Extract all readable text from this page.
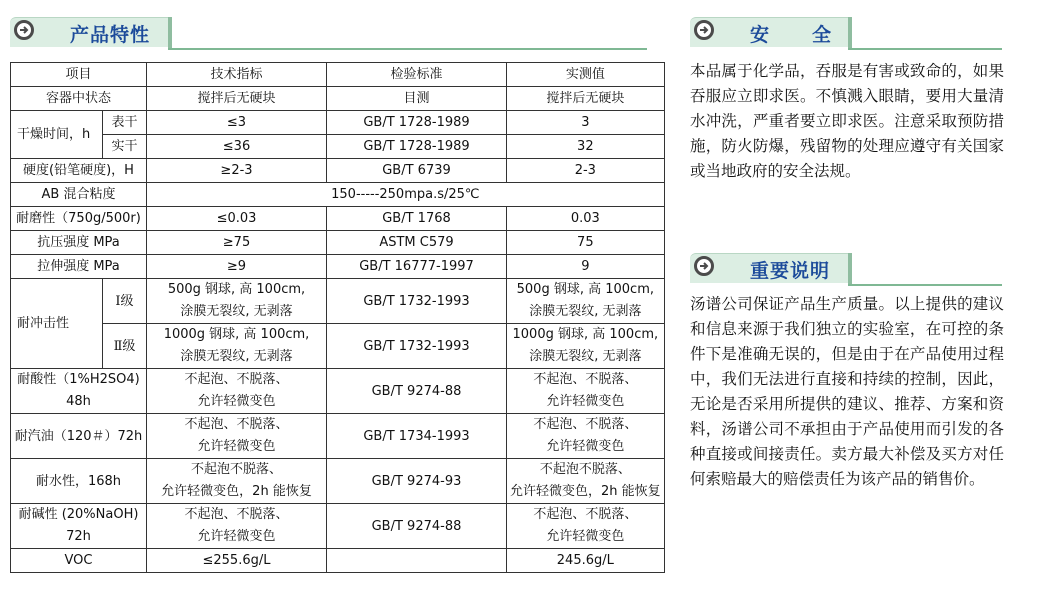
产品特性
项目		技术指标	检验标准	实测值
容器中状态		搅拌后无硬块	目测	搅拌后无硬块
干燥时间，h	表干	≤3	GB/T 1728-1989	3
	实干	≤36	GB/T 1728-1989	32
硬度(铅笔硬度)，H		≥2-3	GB/T 6739	2-3
AB 混合粘度		150-----250mpa.s/25℃		
耐磨性（750g/500r)		≤0.03	GB/T 1768	0.03
抗压强度 MPa		≥75	ASTM C579	75
拉伸强度 MPa		≥9	GB/T 16777-1997	9
耐冲击性	Ⅰ级	500g 钢球, 高 100cm,	GB/T 1732-1993	500g 钢球, 高 100cm,
		涂膜无裂纹, 无剥落		涂膜无裂纹, 无剥落
	Ⅱ级	1000g 钢球, 高 100cm,	GB/T 1732-1993	1000g 钢球, 高 100cm,
		涂膜无裂纹, 无剥落		涂膜无裂纹, 无剥落
耐酸性（1%H2SO4)		不起泡、不脱落、	GB/T 9274-88	不起泡、不脱落、
48h		允许轻微变色		允许轻微变色
耐汽油（120＃）72h		不起泡、不脱落、	GB/T 1734-1993	不起泡、不脱落、
		允许轻微变色		允许轻微变色
耐水性，168h		不起泡不脱落、	GB/T 9274-93	不起泡不脱落、
		允许轻微变色，2h 能恢复		允许轻微变色，2h 能恢复
耐碱性 (20%NaOH)		不起泡、不脱落、	GB/T 9274-88	不起泡、不脱落、
72h		允许轻微变色		允许轻微变色
VOC		≤255.6g/L		245.6g/L
安　全
本品属于化学品，吞服是有害或致命的，如果吞服应立即求医。不慎溅入眼睛，要用大量清水冲洗，严重者要立即求医。注意采取预防措施，防火防爆，残留物的处理应遵守有关国家或当地政府的安全法规。
重要说明
汤谱公司保证产品生产质量。以上提供的建议和信息来源于我们独立的实验室，在可控的条件下是准确无误的，但是由于在产品使用过程中，我们无法进行直接和持续的控制，因此，无论是否采用所提供的建议、推荐、方案和资料，汤谱公司不承担由于产品使用而引发的各种直接或间接责任。卖方最大补偿及买方对任何索赔最大的赔偿责任为该产品的销售价。
